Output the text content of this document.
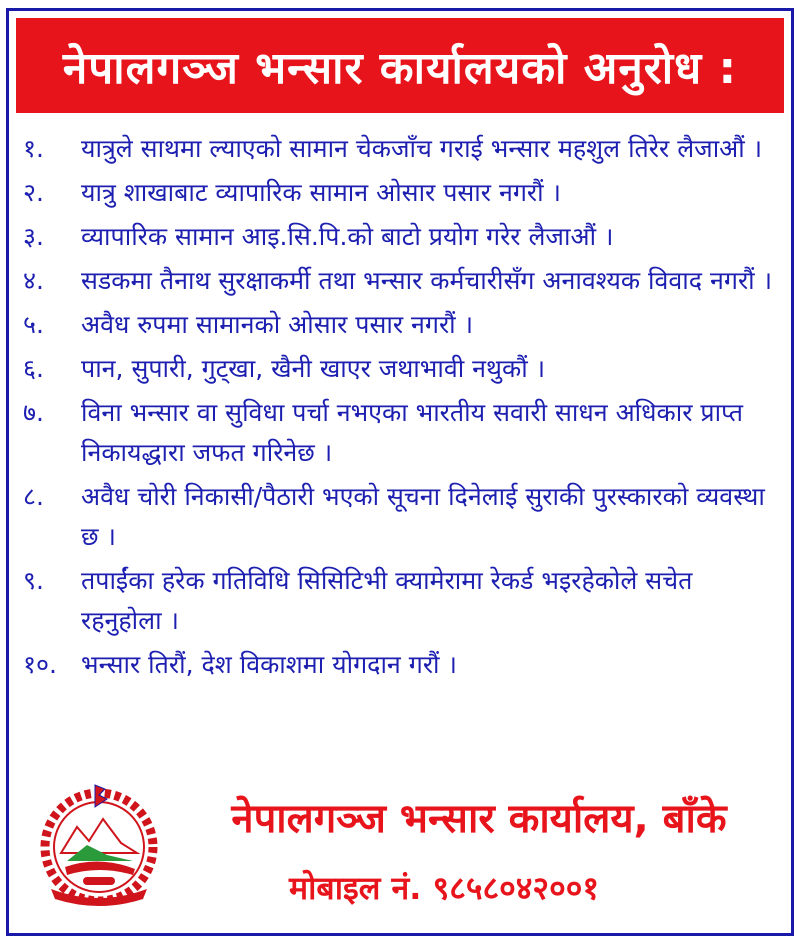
नेपालगञ्ज भन्सार कार्यालयको अनुरोध :
१.	यात्रुले साथमा ल्याएको सामान चेकजाँच गराई भन्सार महशुल तिरेर लैजाऔं ।
२.	यात्रु शाखाबाट व्यापारिक सामान ओसार पसार नगरौं ।
३.	व्यापारिक सामान आइ.सि.पि.को बाटो प्रयोग गरेर लैजाऔं ।
४.	सडकमा तैनाथ सुरक्षाकर्मी तथा भन्सार कर्मचारीसँग अनावश्यक विवाद नगरौं ।
५.	अवैध रुपमा सामानको ओसार पसार नगरौं ।
६.	पान, सुपारी, गुट्खा, खैनी खाएर जथाभावी नथुकौं ।
७.	विना भन्सार वा सुविधा पर्चा नभएका भारतीय सवारी साधन अधिकार प्राप्त निकायद्धारा जफत गरिनेछ ।
८.	अवैध चोरी निकासी/पैठारी भएको सूचना दिनेलाई सुराकी पुरस्कारको व्यवस्था छ ।
९.	तपाईंका हरेक गतिविधि सिसिटिभी क्यामेरामा रेकर्ड भइरहेकोले सचेत रहनुहोला ।
१०. भन्सार तिरौं, देश विकाशमा योगदान गरौं ।
नेपालगञ्ज भन्सार कार्यालय, बाँके
मोबाइल नं. ९८५८०४२००१
